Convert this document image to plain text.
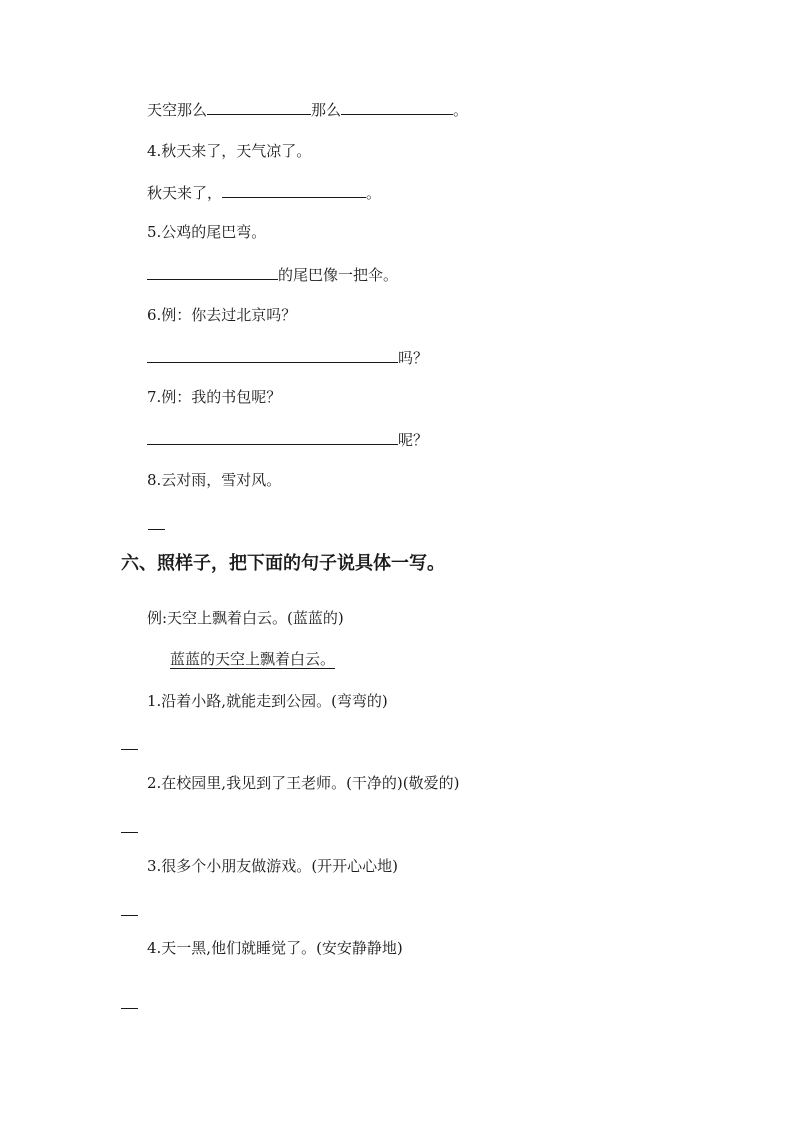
天空那么	那么	。
4.秋天来了，天气凉了。
秋天来了，	。
5.公鸡的尾巴弯。
的尾巴像一把伞。
6.例：你去过北京吗？
吗？
7.例：我的书包呢？
呢？
8.云对雨，雪对风。
六、照样子，把下面的句子说具体一写。
例:天空上飘着白云。(蓝蓝的)
蓝蓝的天空上飘着白云。
1.沿着小路,就能走到公园。(弯弯的)
2.在校园里,我见到了王老师。(干净的)(敬爱的)
3.很多个小朋友做游戏。(开开心心地)
4.天一黑,他们就睡觉了。(安安静静地)
